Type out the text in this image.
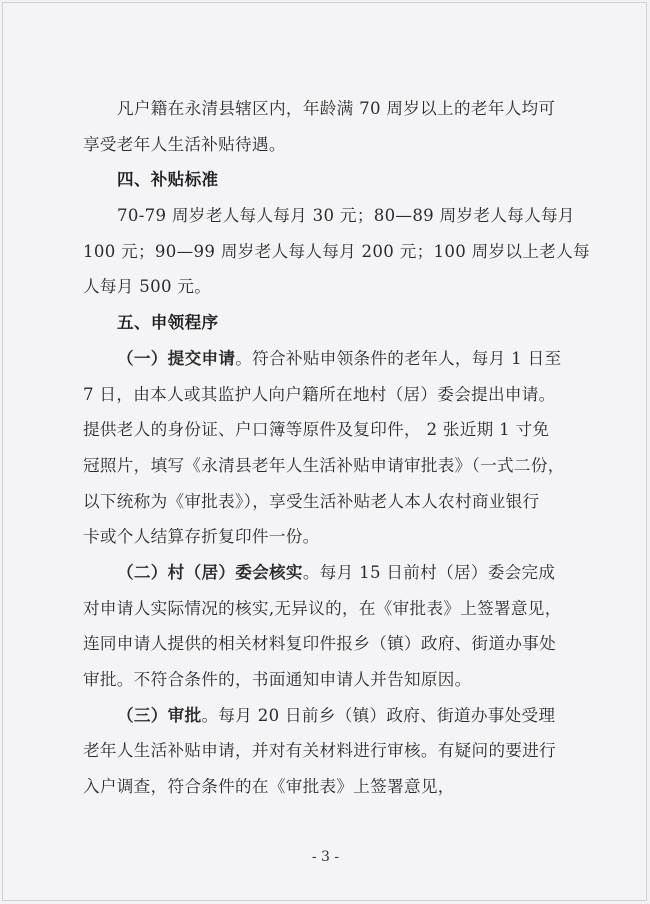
凡户籍在永清县辖区内，年龄满 70 周岁以上的老年人均可
享受老年人生活补贴待遇。
四、补贴标准
70-79 周岁老人每人每月 30 元；80—89 周岁老人每人每月
100 元；90—99 周岁老人每人每月 200 元；100 周岁以上老人每
人每月 500 元。
五、申领程序
（一）提交申请。符合补贴申领条件的老年人，每月 1 日至
7 日，由本人或其监护人向户籍所在地村（居）委会提出申请。
提供老人的身份证、户口簿等原件及复印件， 2 张近期 1 寸免
冠照片，填写《永清县老年人生活补贴申请审批表》（一式二份，
以下统称为《审批表》），享受生活补贴老人本人农村商业银行
卡或个人结算存折复印件一份。
（二）村（居）委会核实。每月 15 日前村（居）委会完成
对申请人实际情况的核实,无异议的，在《审批表》上签署意见，
连同申请人提供的相关材料复印件报乡（镇）政府、街道办事处
审批。不符合条件的，书面通知申请人并告知原因。
（三）审批。每月 20 日前乡（镇）政府、街道办事处受理
老年人生活补贴申请，并对有关材料进行审核。有疑问的要进行
入户调查，符合条件的在《审批表》上签署意见，
- 3 -
